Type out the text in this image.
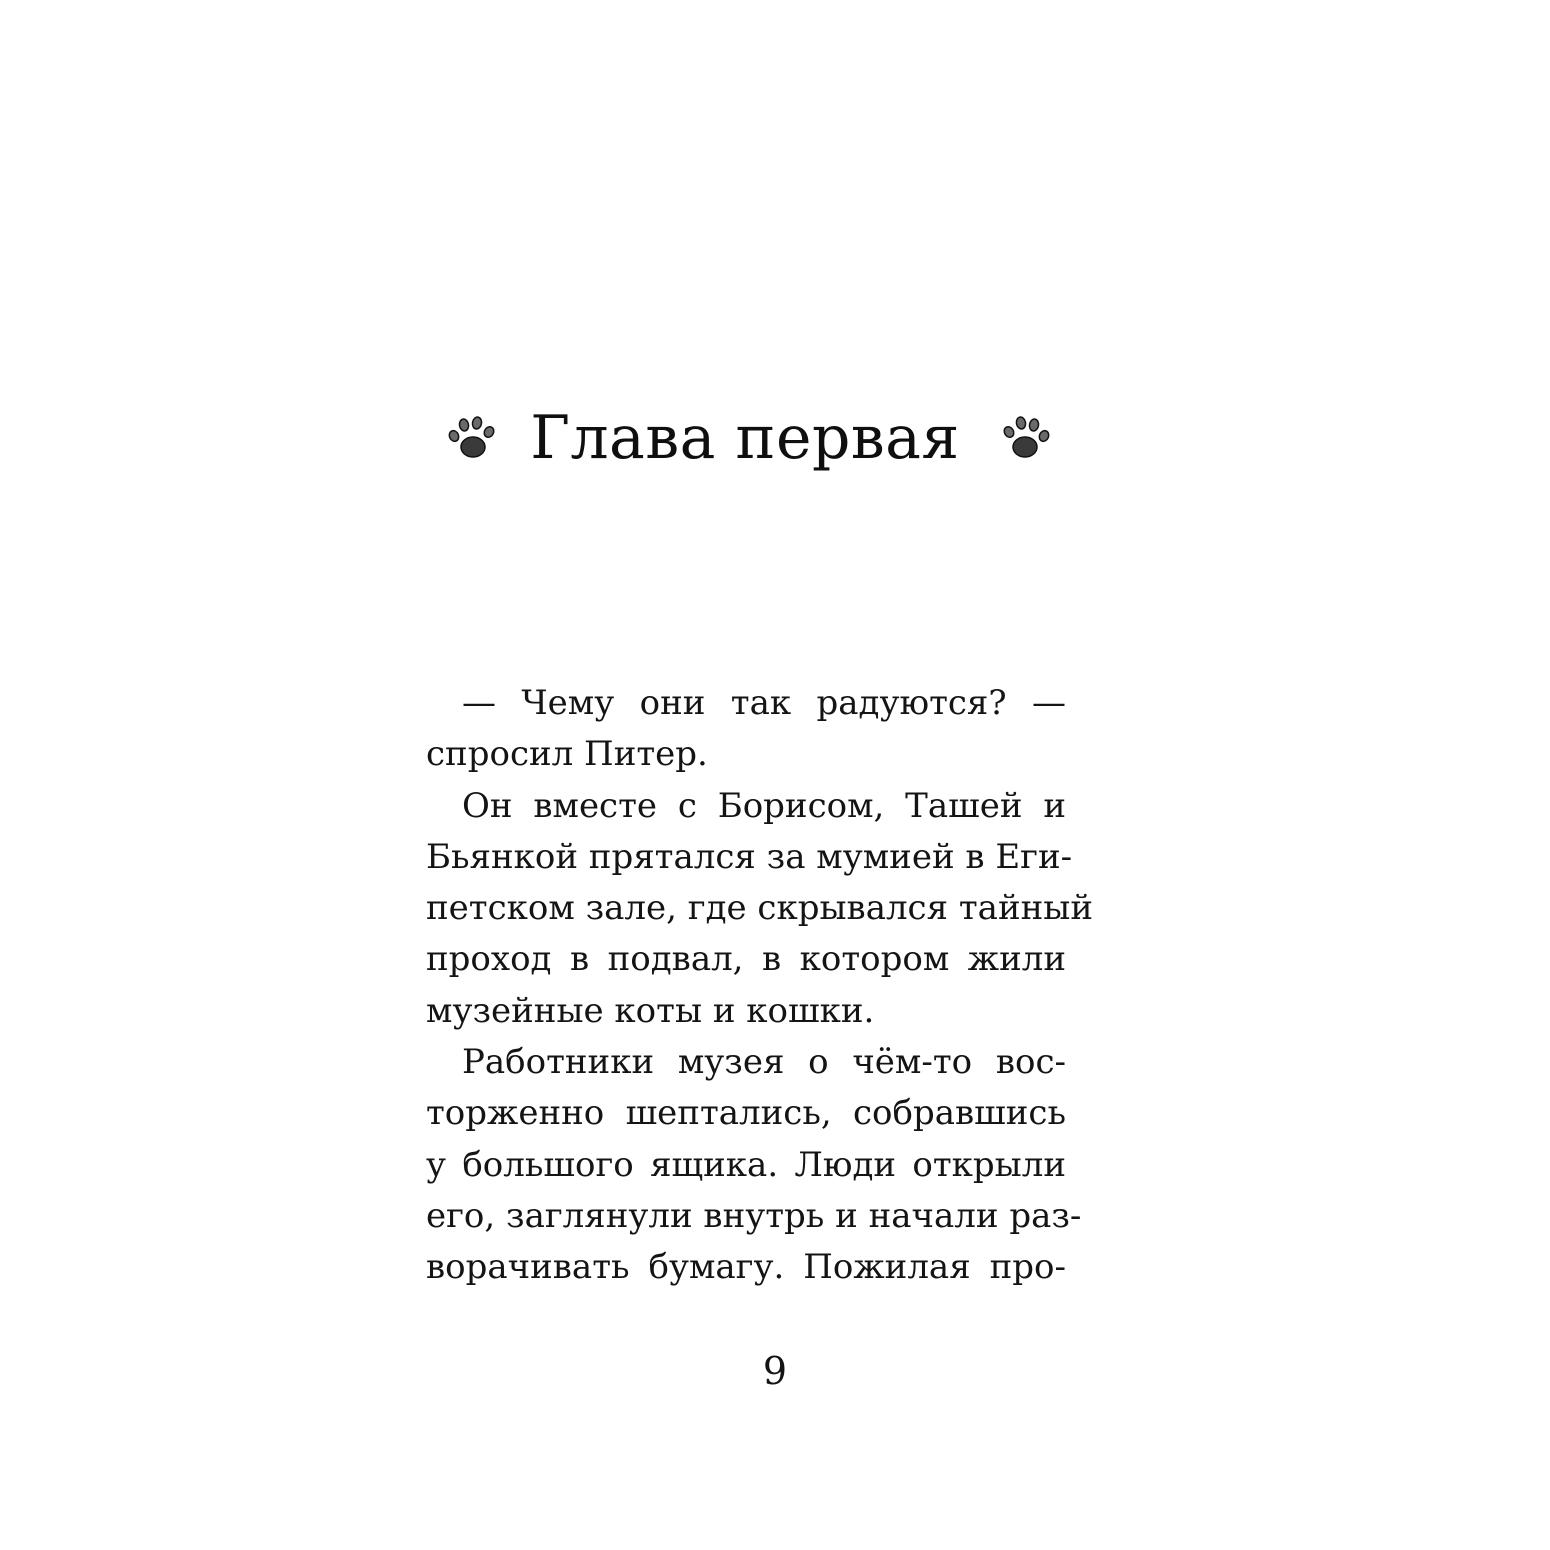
Глава первая
— Чему они так радуются? —
спросил Питер.
Он вместе с Борисом, Ташей и
Бьянкой прятался за мумией в Еги-
петском зале, где скрывался тайный
проход в подвал, в котором жили
музейные коты и кошки.
Работники музея о чём-то вос-
торженно шептались, собравшись
у большого ящика. Люди открыли
его, заглянули внутрь и начали раз-
ворачивать бумагу. Пожилая про-
9
